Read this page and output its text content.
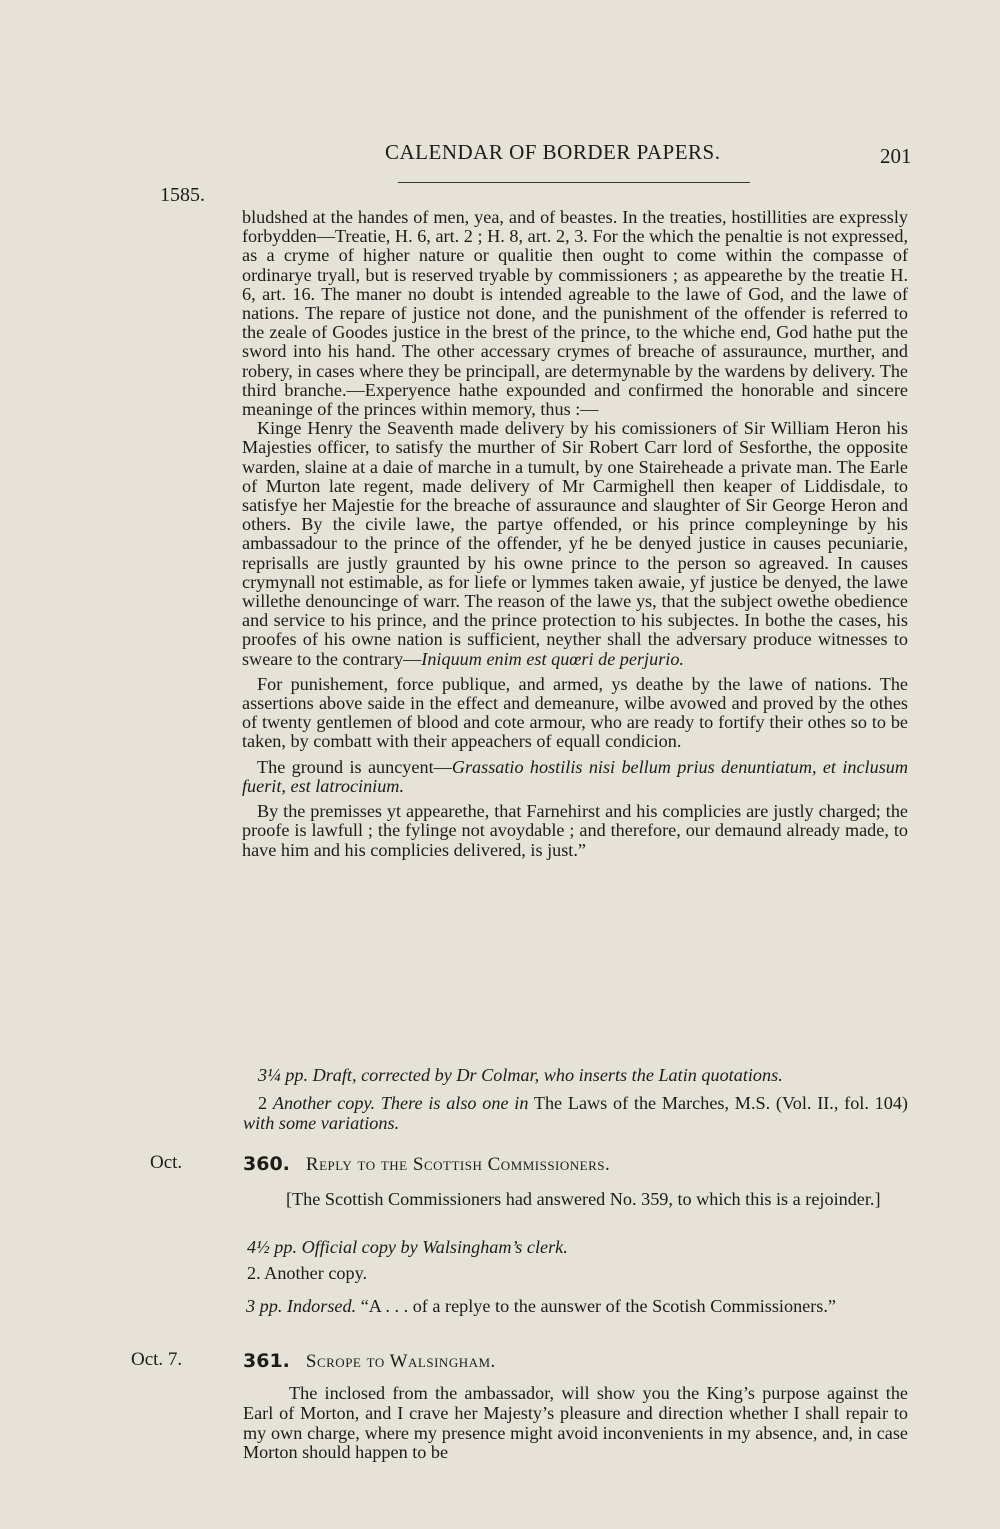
CALENDAR OF BORDER PAPERS.	201
1585.

bludshed at the handes of men, yea, and of beastes. In the treaties, hostillities are expressly forbydden—Treatie, H. 6, art. 2 ; H. 8, art. 2, 3. For the which the penaltie is not expressed, as a cryme of higher nature or qualitie then ought to come within the compasse of ordinarye tryall, but is reserved tryable by commissioners ; as appearethe by the treatie H. 6, art. 16. The maner no doubt is intended agreable to the lawe of God, and the lawe of nations. The repare of justice not done, and the punishment of the offender is referred to the zeale of Goodes justice in the brest of the prince, to the whiche end, God hathe put the sword into his hand. The other accessary crymes of breache of assuraunce, murther, and robery, in cases where they be principall, are determynable by the wardens by delivery. The third branche.—Experyence hathe expounded and confirmed the honorable and sincere meaninge of the princes within memory, thus :—

Kinge Henry the Seaventh made delivery by his comissioners of Sir William Heron his Majesties officer, to satisfy the murther of Sir Robert Carr lord of Sesforthe, the opposite warden, slaine at a daie of marche in a tumult, by one Staireheade a private man. The Earle of Murton late regent, made delivery of Mr Carmighell then keaper of Liddisdale, to satisfye her Majestie for the breache of assuraunce and slaughter of Sir George Heron and others. By the civile lawe, the partye offended, or his prince compleyninge by his ambassadour to the prince of the offender, yf he be denyed justice in causes pecuniarie, reprisalls are justly graunted by his owne prince to the person so agreaved. In causes crymynall not estimable, as for liefe or lymmes taken awaie, yf justice be denyed, the lawe willethe denouncinge of warr. The reason of the lawe ys, that the subject owethe obedience and service to his prince, and the prince protection to his subjectes. In bothe the cases, his proofes of his owne nation is sufficient, neyther shall the adversary produce witnesses to sweare to the contrary—Iniquum enim est quœri de perjurio.

For punishement, force publique, and armed, ys deathe by the lawe of nations. The assertions above saide in the effect and demeanure, wilbe avowed and proved by the othes of twenty gentlemen of blood and cote armour, who are ready to fortify their othes so to be taken, by combatt with their appeachers of equall condicion.

The ground is auncyent—Grassatio hostilis nisi bellum prius denuntiatum, et inclusum fuerit, est latrocinium.

By the premisses yt appearethe, that Farnehirst and his complicies are justly charged; the proofe is lawfull ; the fylinge not avoydable ; and therefore, our demaund already made, to have him and his complicies delivered, is just.”

3¼ pp. Draft, corrected by Dr Colmar, who inserts the Latin quotations.

2 Another copy. There is also one in The Laws of the Marches, M.S. (Vol. II., fol. 104) with some variations.

Oct.	360. Reply to the Scottish Commissioners.

[The Scottish Commissioners had answered No. 359, to which this is a rejoinder.]

4½ pp. Official copy by Walsingham’s clerk.

2. Another copy.

3 pp. Indorsed. “A . . . of a replye to the aunswer of the Scotish Commissioners.”

Oct. 7.	361. Scrope to Walsingham.

The inclosed from the ambassador, will show you the King’s purpose against the Earl of Morton, and I crave her Majesty’s pleasure and direction whether I shall repair to my own charge, where my presence might avoid inconvenients in my absence, and, in case Morton should happen to be
